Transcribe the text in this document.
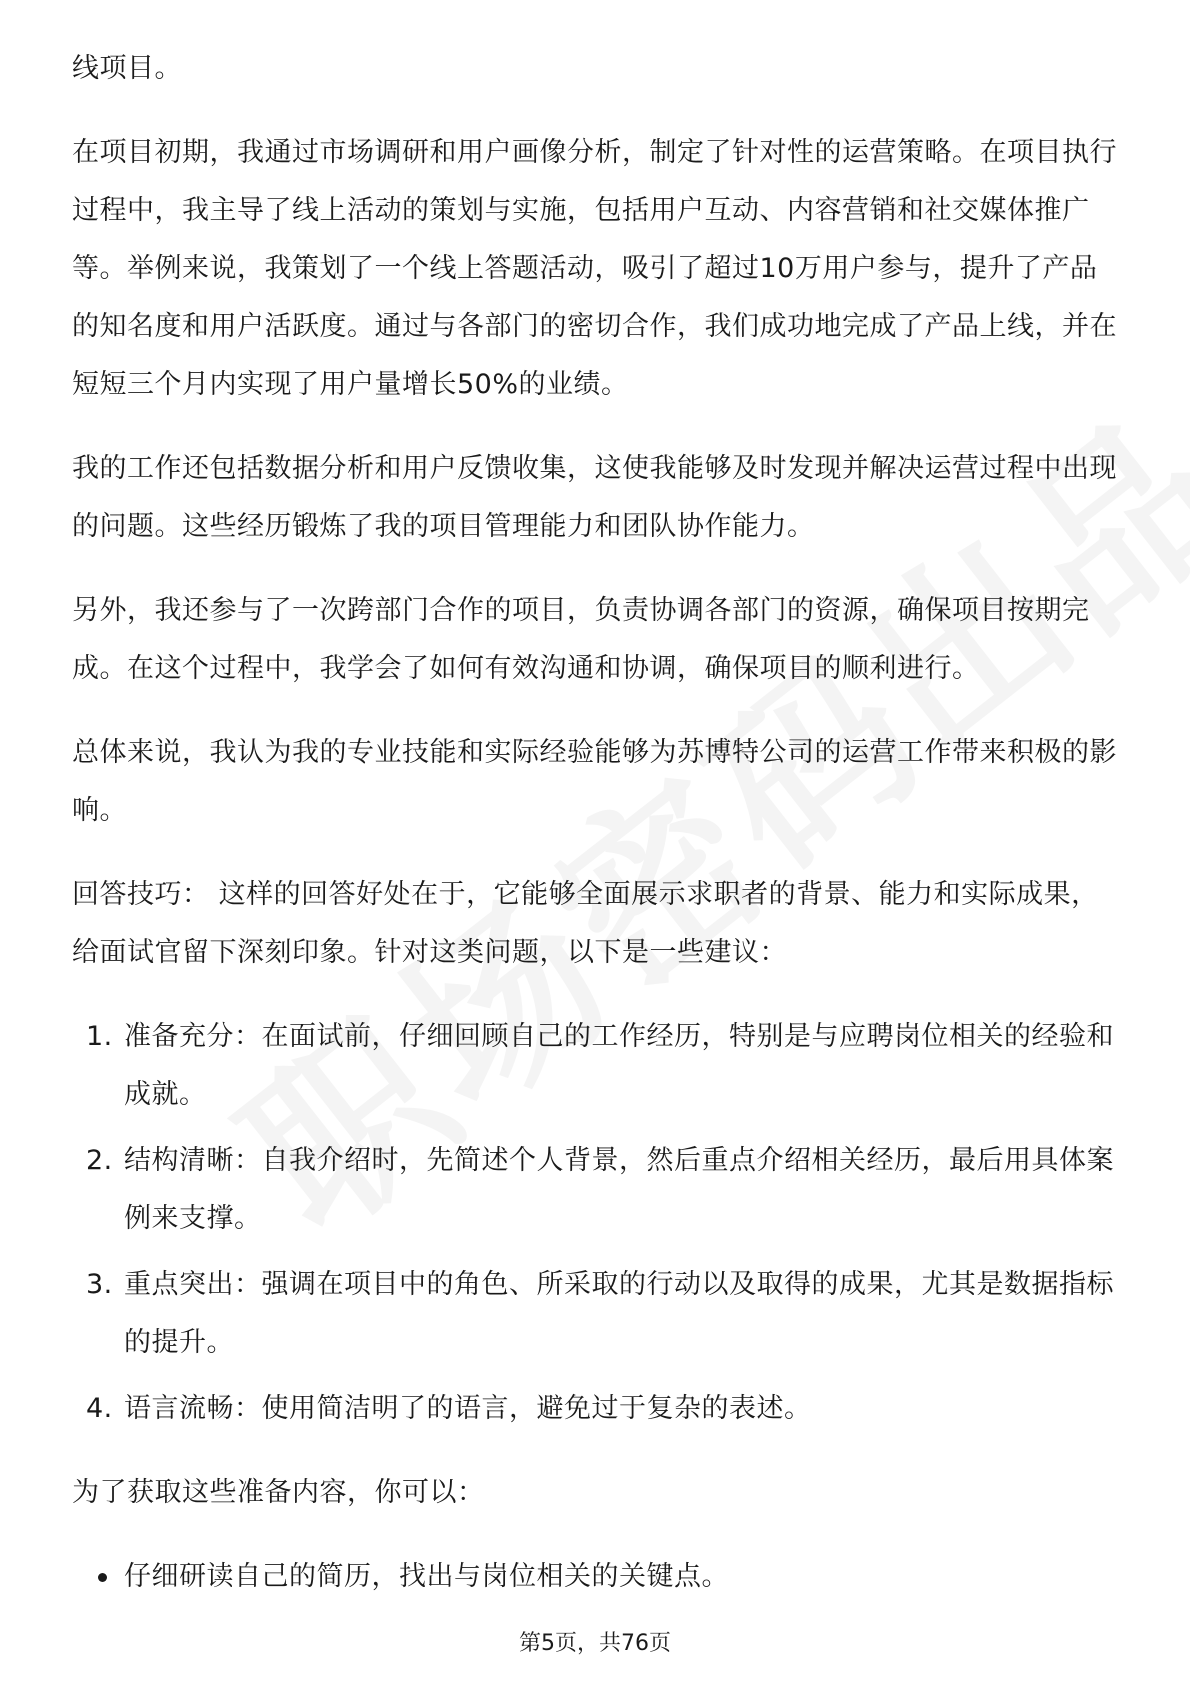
线项目。

在项目初期，我通过市场调研和用户画像分析，制定了针对性的运营策略。在项目执行过程中，我主导了线上活动的策划与实施，包括用户互动、内容营销和社交媒体推广等。举例来说，我策划了一个线上答题活动，吸引了超过10万用户参与，提升了产品的知名度和用户活跃度。通过与各部门的密切合作，我们成功地完成了产品上线，并在短短三个月内实现了用户量增长50%的业绩。

我的工作还包括数据分析和用户反馈收集，这使我能够及时发现并解决运营过程中出现的问题。这些经历锻炼了我的项目管理能力和团队协作能力。

另外，我还参与了一次跨部门合作的项目，负责协调各部门的资源，确保项目按期完成。在这个过程中，我学会了如何有效沟通和协调，确保项目的顺利进行。

总体来说，我认为我的专业技能和实际经验能够为苏博特公司的运营工作带来积极的影响。

回答技巧： 这样的回答好处在于，它能够全面展示求职者的背景、能力和实际成果，给面试官留下深刻印象。针对这类问题，以下是一些建议：

1. 准备充分：在面试前，仔细回顾自己的工作经历，特别是与应聘岗位相关的经验和成就。
2. 结构清晰：自我介绍时，先简述个人背景，然后重点介绍相关经历，最后用具体案例来支撑。
3. 重点突出：强调在项目中的角色、所采取的行动以及取得的成果，尤其是数据指标的提升。
4. 语言流畅：使用简洁明了的语言，避免过于复杂的表述。

为了获取这些准备内容，你可以：

仔细研读自己的简历，找出与岗位相关的关键点。
第5页，共76页
